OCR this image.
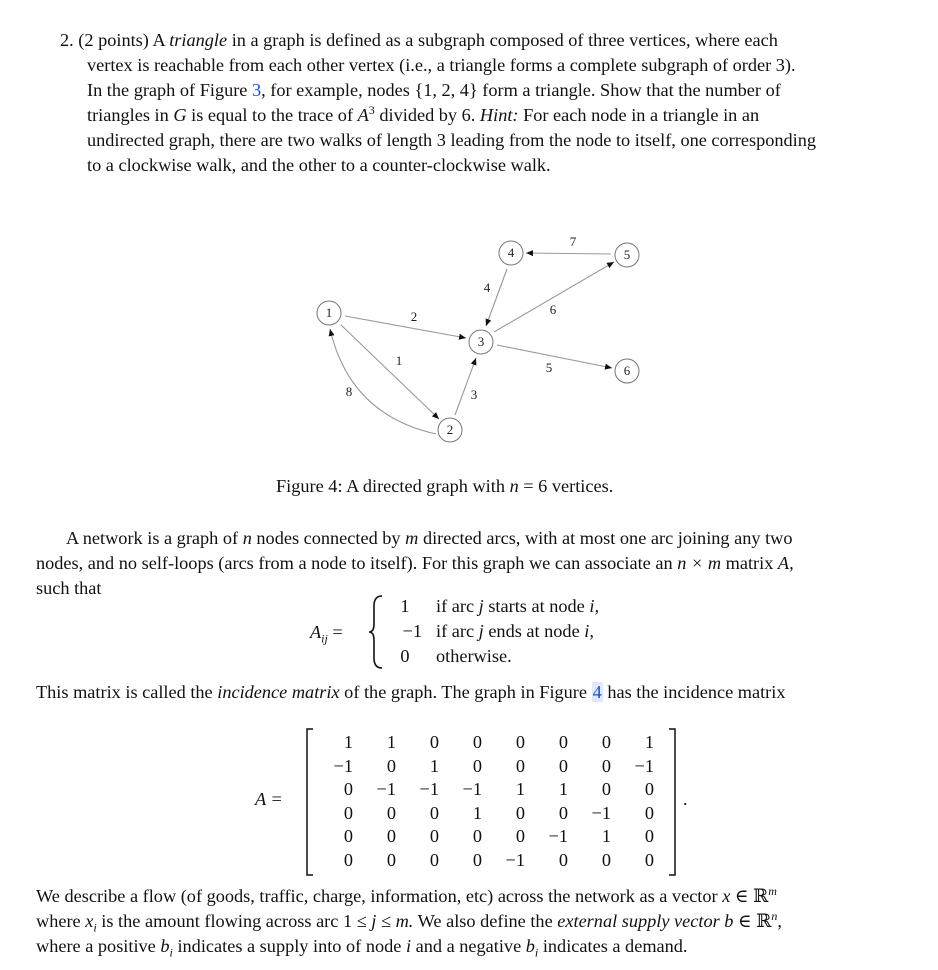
2. (2 points) A triangle in a graph is defined as a subgraph composed of three vertices, where each
vertex is reachable from each other vertex (i.e., a triangle forms a complete subgraph of order 3).
In the graph of Figure 3, for example, nodes {1, 2, 4} form a triangle. Show that the number of
triangles in G is equal to the trace of $A^3$ divided by 6. Hint: For each node in a triangle in an
undirected graph, there are two walks of length 3 leading from the node to itself, one corresponding
to a clockwise walk, and the other to a counter-clockwise walk.
1
2
3
4
5
6
7
8
1
2
3
4	5
6
Figure 4: A directed graph with n = 6 vertices.
A network is a graph of n nodes connected by m directed arcs, with at most one arc joining any two
nodes, and no self-loops (arcs from a node to itself). For this graph we can associate an n × m matrix A,
such that
$A_{ij}$ =
1
−1
0
if arc j starts at node i,
if arc j ends at node i,
otherwise.
This matrix is called the incidence matrix of the graph. The graph in Figure 4 has the incidence matrix
A =
1	1	0	0	0	0	0	1
−1	0	1	0	0	0	0	−1
0	−1	−1	−1	1	1	0	0
0	0	0	1	0	0	−1	0
0	0	0	0	0	−1	1	0
0	0	0	0	−1	0	0	0
.
We describe a flow (of goods, traffic, charge, information, etc) across the network as a vector x ∈ ℝ$^m$
where $x_i$ is the amount flowing across arc 1 ≤ j ≤ m. We also define the external supply vector b ∈ ℝ$^n$,
where a positive $b_i$ indicates a supply into of node i and a negative $b_i$ indicates a demand.
